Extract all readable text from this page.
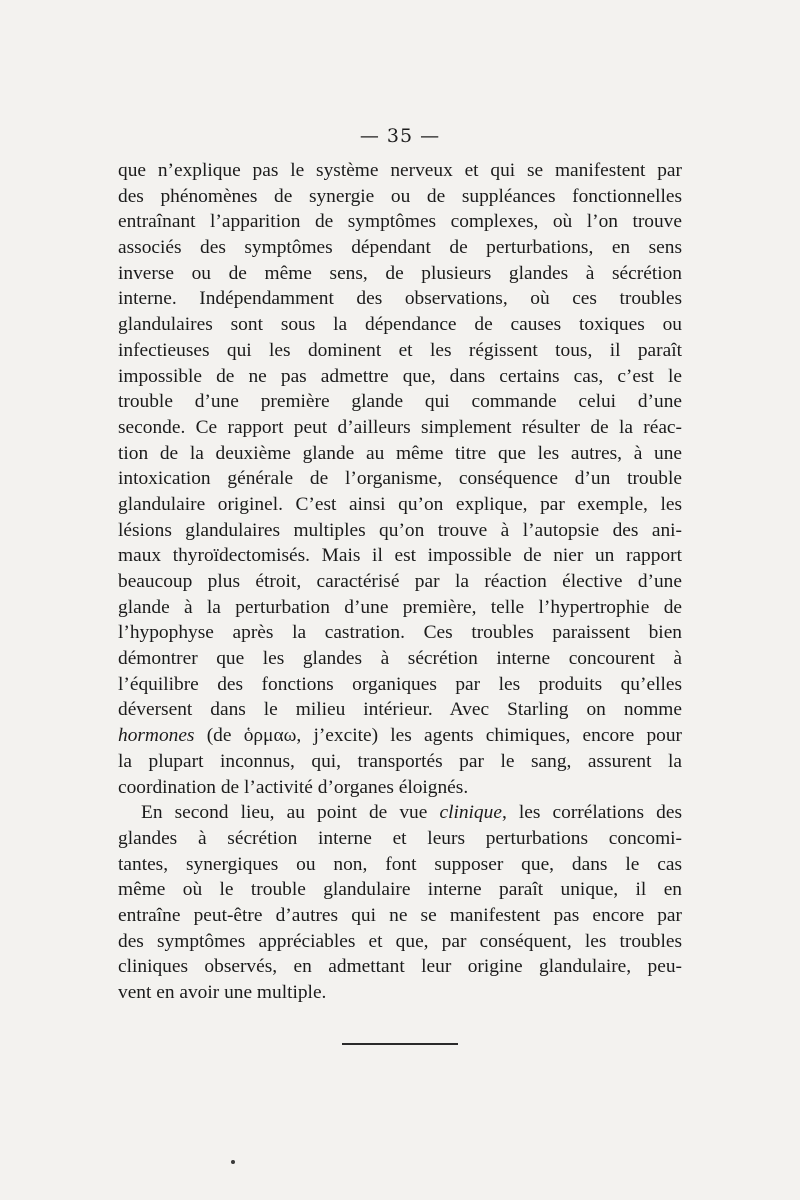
— 35 —
que n’explique pas le système nerveux et qui se manifestent par
des phénomènes de synergie ou de suppléances fonctionnelles
entraînant l’apparition de symptômes complexes, où l’on trouve
associés des symptômes dépendant de perturbations, en sens
inverse ou de même sens, de plusieurs glandes à sécrétion
interne. Indépendamment des observations, où ces troubles
glandulaires sont sous la dépendance de causes toxiques ou
infectieuses qui les dominent et les régissent tous, il paraît
impossible de ne pas admettre que, dans certains cas, c’est le
trouble d’une première glande qui commande celui d’une
seconde. Ce rapport peut d’ailleurs simplement résulter de la réac-
tion de la deuxième glande au même titre que les autres, à une
intoxication générale de l’organisme, conséquence d’un trouble
glandulaire originel. C’est ainsi qu’on explique, par exemple, les
lésions glandulaires multiples qu’on trouve à l’autopsie des ani-
maux thyroïdectomisés. Mais il est impossible de nier un rapport
beaucoup plus étroit, caractérisé par la réaction élective d’une
glande à la perturbation d’une première, telle l’hypertrophie de
l’hypophyse après la castration. Ces troubles paraissent bien
démontrer que les glandes à sécrétion interne concourent à
l’équilibre des fonctions organiques par les produits qu’elles
déversent dans le milieu intérieur. Avec Starling on nomme
hormones (de ὁρμαω, j’excite) les agents chimiques, encore pour
la plupart inconnus, qui, transportés par le sang, assurent la
coordination de l’activité d’organes éloignés.
En second lieu, au point de vue clinique, les corrélations des
glandes à sécrétion interne et leurs perturbations concomi-
tantes, synergiques ou non, font supposer que, dans le cas
même où le trouble glandulaire interne paraît unique, il en
entraîne peut-être d’autres qui ne se manifestent pas encore par
des symptômes appréciables et que, par conséquent, les troubles
cliniques observés, en admettant leur origine glandulaire, peu-
vent en avoir une multiple.
